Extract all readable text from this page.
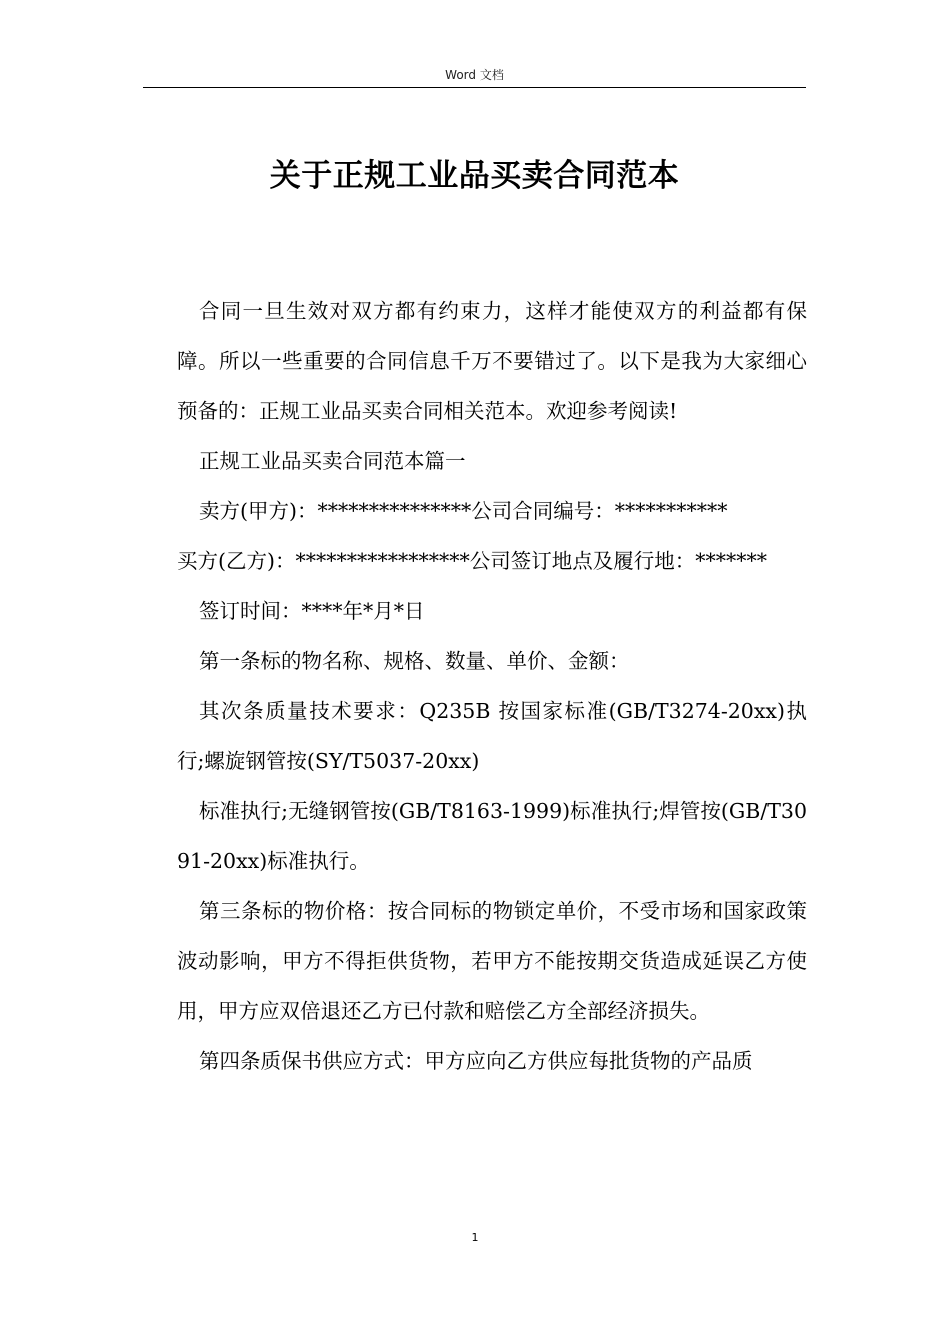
Word 文档
关于正规工业品买卖合同范本

合同一旦生效对双方都有约束力，这样才能使双方的利益都有保障。所以一些重要的合同信息千万不要错过了。以下是我为大家细心预备的：正规工业品买卖合同相关范本。欢迎参考阅读!

正规工业品买卖合同范本篇一

卖方(甲方)：***************公司合同编号：***********

买方(乙方)：*****************公司签订地点及履行地：*******

签订时间：****年*月*日

第一条标的物名称、规格、数量、单价、金额：

其次条质量技术要求：Q235B 按国家标准(GB/T3274-20xx)执行;螺旋钢管按(SY/T5037-20xx)

标准执行;无缝钢管按(GB/T8163-1999)标准执行;焊管按(GB/T3091-20xx)标准执行。

第三条标的物价格：按合同标的物锁定单价，不受市场和国家政策波动影响，甲方不得拒供货物，若甲方不能按期交货造成延误乙方使用，甲方应双倍退还乙方已付款和赔偿乙方全部经济损失。

第四条质保书供应方式：甲方应向乙方供应每批货物的产品质

1
